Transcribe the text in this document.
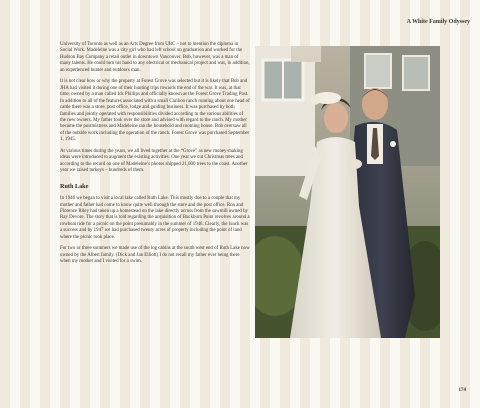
A White Family Odyssey

University of Toronto as well as an Arts Degree from UBC – not to mention the diploma in Social Work. Madeleine was a city girl who had left school on graduation and worked for the Hudson Bay Company a retail outlet in downtown Vancouver. Bob, however, was a man of many talents. He could turn his hand to any electrical or mechanical project and was, in addition, an experienced hunter and outdoors man.

It is not clear how or why the property at Forest Grove was selected but it is likely that Bob and JHA had visited it during one of their hunting trips towards the end of the war. It was, at that time, owned by a man called Ick Phillips and officially known as the Forest Grove Trading Post. In addition to all of the features associated with a small Cariboo ranch running about one head of cattle there was a store, post office, lodge and guiding business. It was purchased by both families and jointly operated with responsibilities divided according to the various abilities of the new owners. My father took over the store and advised with regard to the ranch. My mother became the postmistress and Madeleine ran the household and rooming house. Bob oversaw all of the outside work including the operation of the ranch. Forest Grove was purchased September 1, 1945.

At various times during the years, we all lived together at the “Grove” as new money-making ideas were introduced to augment the existing activities. One year we cut Christmas trees and according to the record on one of Madeleine’s photos shipped 21,000 trees to the coast. Another year we raised turkeys – hundreds of them.

Ruth Lake

In 1946 we began to visit a local lake called Ruth Lake. This mostly due to a couple that my mother and father had come to know quite well through the store and the post office. Ron and Florence Riley had taken up a homestead on the lake directly across from the sawmill owned by Ray Devore. The story that is told regarding the acquisition of Buckburn Point revolves around a rowboat ride for a picnic on the point presumably in the summer of 1946. Clearly, the lunch was a success and by 1947 we had purchased twenty acres of property including the point of land where the picnic took place.

For two or three summers we made use of the log cabins at the south west end of Ruth Lake now owned by the Albert family. (Dick and Jan Elliott) I do not recall my father ever being there when my mother and I visited for a swim.

174
